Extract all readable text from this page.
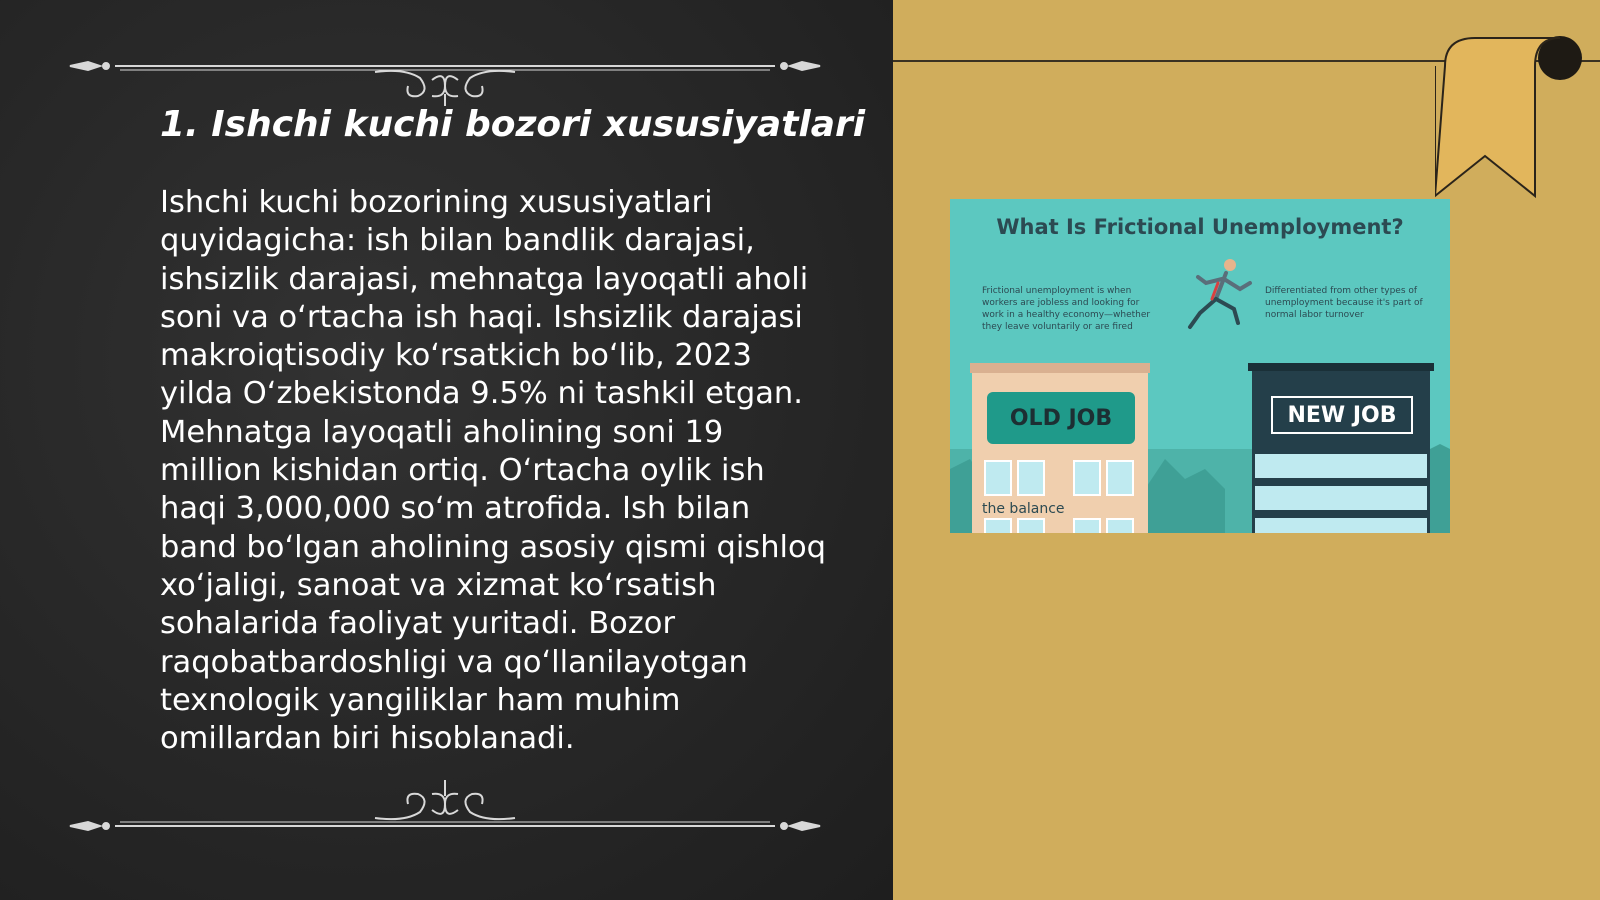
1. Ishchi kuchi bozori xususiyatlari

Ishchi kuchi bozorining xususiyatlari quyidagicha: ish bilan bandlik darajasi, ishsizlik darajasi, mehnatga layoqatli aholi soni va o‘rtacha ish haqi. Ishsizlik darajasi makroiqtisodiy ko‘rsatkich bo‘lib, 2023 yilda O‘zbekistonda 9.5% ni tashkil etgan. Mehnatga layoqatli aholining soni 19 million kishidan ortiq. O‘rtacha oylik ish haqi 3,000,000 so‘m atrofida. Ish bilan band bo‘lgan aholining asosiy qismi qishloq xo‘jaligi, sanoat va xizmat ko‘rsatish sohalarida faoliyat yuritadi. Bozor raqobatbardoshligi va qo‘llanilayotgan texnologik yangiliklar ham muhim omillardan biri hisoblanadi.

What Is Frictional Unemployment?
Frictional unemployment is when workers are jobless and looking for work in a healthy economy—whether they leave voluntarily or are fired
Differentiated from other types of unemployment because it's part of normal labor turnover
OLD JOB	NEW JOB
the balance
